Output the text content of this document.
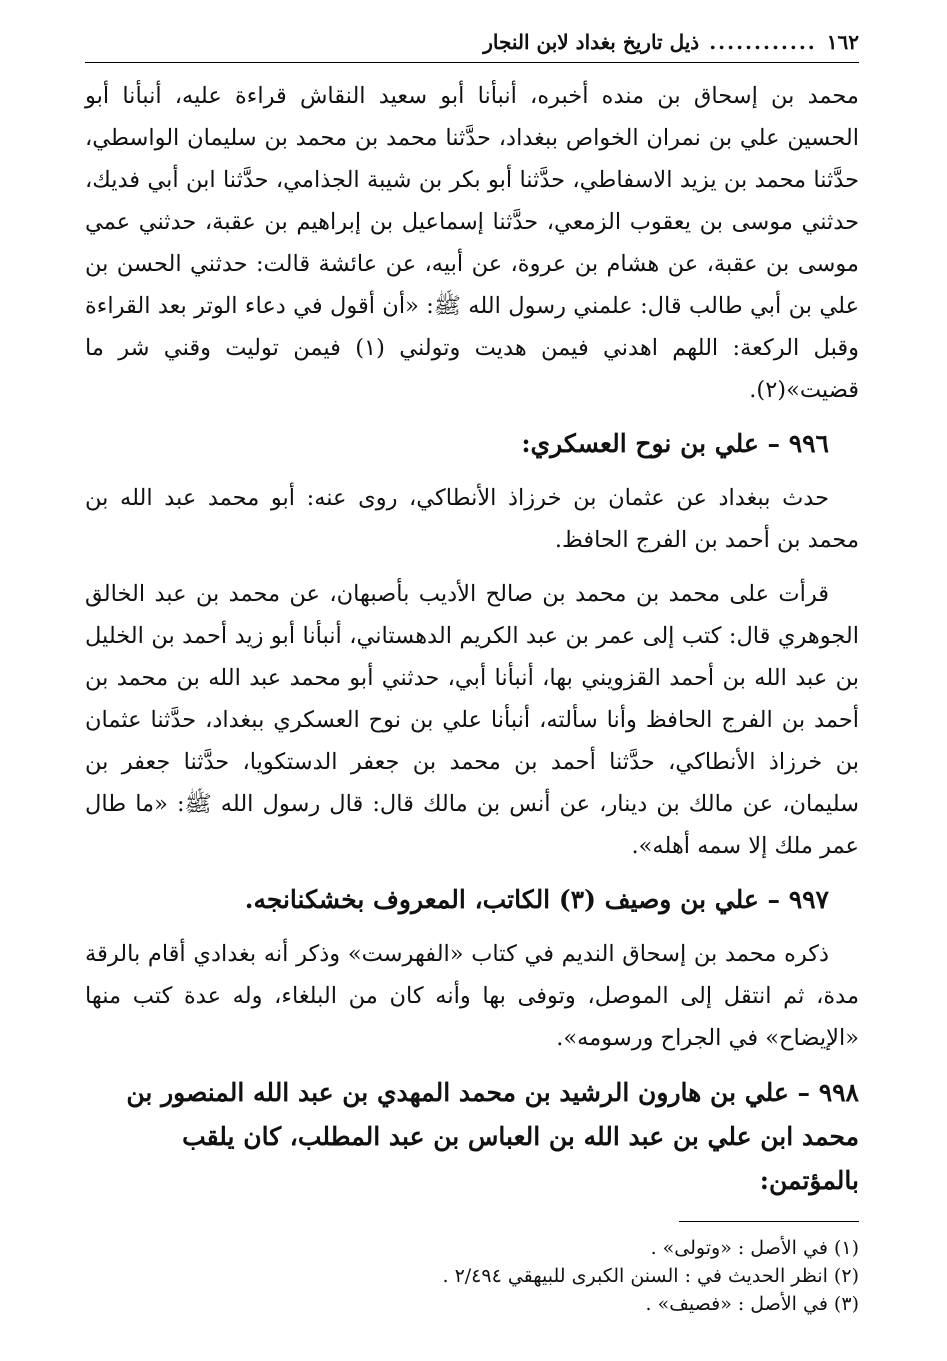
١٦٢
............
ذيل تاريخ بغداد لابن النجار

محمد بن إسحاق بن منده أخبره، أنبأنا أبو سعيد النقاش قراءة عليه، أنبأنا أبو الحسين علي بن نمران الخواص ببغداد، حدَّثنا محمد بن محمد بن سليمان الواسطي، حدَّثنا محمد بن يزيد الاسفاطي، حدَّثنا أبو بكر بن شيبة الجذامي، حدَّثنا ابن أبي فديك، حدثني موسى بن يعقوب الزمعي، حدَّثنا إسماعيل بن إبراهيم بن عقبة، حدثني عمي موسى بن عقبة، عن هشام بن عروة، عن أبيه، عن عائشة قالت: حدثني الحسن بن علي بن أبي طالب قال: علمني رسول الله ﷺ: «أن أقول في دعاء الوتر بعد القراءة وقبل الركعة: اللهم اهدني فيمن هديت وتولني (١) فيمن توليت وقني شر ما قضيت»(٢).

٩٩٦ – علي بن نوح العسكري:

حدث ببغداد عن عثمان بن خرزاذ الأنطاكي، روى عنه: أبو محمد عبد الله بن محمد بن أحمد بن الفرج الحافظ.

قرأت على محمد بن محمد بن صالح الأديب بأصبهان، عن محمد بن عبد الخالق الجوهري قال: كتب إلى عمر بن عبد الكريم الدهستاني، أنبأنا أبو زيد أحمد بن الخليل بن عبد الله بن أحمد القزويني بها، أنبأنا أبي، حدثني أبو محمد عبد الله بن محمد بن أحمد بن الفرج الحافظ وأنا سألته، أنبأنا علي بن نوح العسكري ببغداد، حدَّثنا عثمان بن خرزاذ الأنطاكي، حدَّثنا أحمد بن محمد بن جعفر الدستكويا، حدَّثنا جعفر بن سليمان، عن مالك بن دينار، عن أنس بن مالك قال: قال رسول الله ﷺ: «ما طال عمر ملك إلا سمه أهله».

٩٩٧ – علي بن وصيف (٣) الكاتب، المعروف بخشكنانجه.

ذكره محمد بن إسحاق النديم في كتاب «الفهرست» وذكر أنه بغدادي أقام بالرقة مدة، ثم انتقل إلى الموصل، وتوفى بها وأنه كان من البلغاء، وله عدة كتب منها «الإيضاح» في الجراح ورسومه».

٩٩٨ – علي بن هارون الرشيد بن محمد المهدي بن عبد الله المنصور بن محمد ابن علي بن عبد الله بن العباس بن عبد المطلب، كان يلقب بالمؤتمن:

(١) في الأصل : «وتولى» .

(٢) انظر الحديث في : السنن الكبرى للبيهقي ٢/٤٩٤ .

(٣) في الأصل : «فصيف» .
